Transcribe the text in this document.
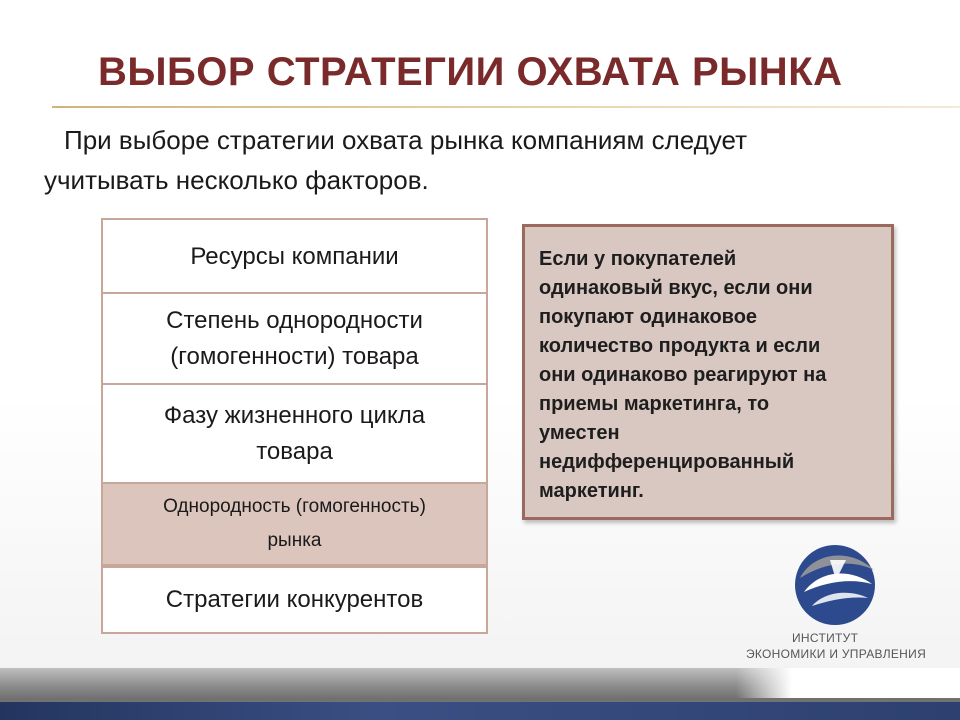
ВЫБОР СТРАТЕГИИ ОХВАТА РЫНКА
При выборе стратегии охвата рынка компаниям следует
учитывать несколько факторов.
Ресурсы компании
Степень однородности
(гомогенности) товара
Фазу жизненного цикла
товара
Однородность (гомогенность)
рынка
Стратегии конкурентов
Если у покупателей
одинаковый вкус, если они
покупают одинаковое
количество продукта и если
они одинаково реагируют на
приемы маркетинга, то
уместен
недифференцированный
маркетинг.
ИНСТИТУТ
ЭКОНОМИКИ И УПРАВЛЕНИЯ
